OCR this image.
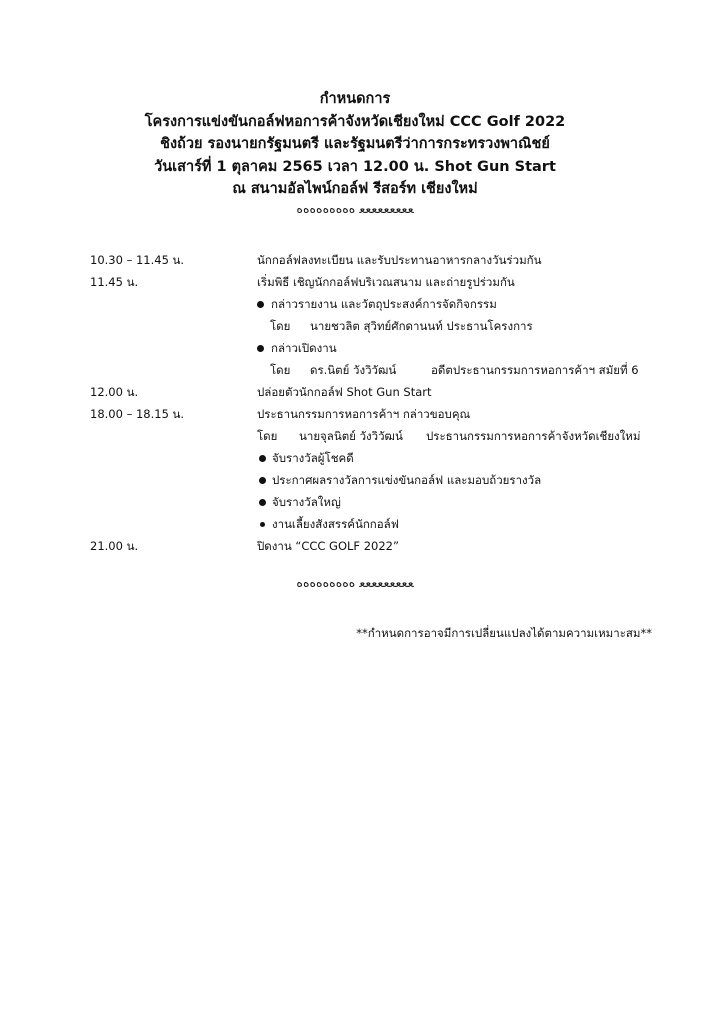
กำหนดการ
โครงการแข่งขันกอล์ฟหอการค้าจังหวัดเชียงใหม่ CCC Golf 2022
ชิงถ้วย รองนายกรัฐมนตรี และรัฐมนตรีว่าการกระทรวงพาณิชย์
วันเสาร์ที่ 1 ตุลาคม 2565 เวลา 12.00 น. Shot Gun Start
ณ สนามอัลไพน์กอล์ฟ รีสอร์ท เชียงใหม่
ﻌﻌﻌﻌﻌﻌﻌﻌﻌ ﻩﻩﻩﻩﻩﻩﻩﻩﻩ
10.30 – 11.45 น.	นักกอล์ฟลงทะเบียน และรับประทานอาหารกลางวันร่วมกัน
11.45 น.	เริ่มพิธี เชิญนักกอล์ฟบริเวณสนาม และถ่ายรูปร่วมกัน
กล่าวรายงาน และวัตถุประสงค์การจัดกิจกรรม
โดย นายชวลิต สุวิทย์ศักดานนท์ ประธานโครงการ
กล่าวเปิดงาน
โดย ดร.นิตย์ วังวิวัฒน์	อดีตประธานกรรมการหอการค้าฯ สมัยที่ 6
12.00 น.	ปล่อยตัวนักกอล์ฟ Shot Gun Start
18.00 – 18.15 น.	ประธานกรรมการหอการค้าฯ กล่าวขอบคุณ
โดย นายจุลนิตย์ วังวิวัฒน์ ประธานกรรมการหอการค้าจังหวัดเชียงใหม่
จับรางวัลผู้โชคดี
ประกาศผลรางวัลการแข่งขันกอล์ฟ และมอบถ้วยรางวัล
จับรางวัลใหญ่
งานเลี้ยงสังสรรค์นักกอล์ฟ
21.00 น.	ปิดงาน “CCC GOLF 2022”
ﻌﻌﻌﻌﻌﻌﻌﻌﻌ ﻩﻩﻩﻩﻩﻩﻩﻩﻩ
**กำหนดการอาจมีการเปลี่ยนแปลงได้ตามความเหมาะสม**
